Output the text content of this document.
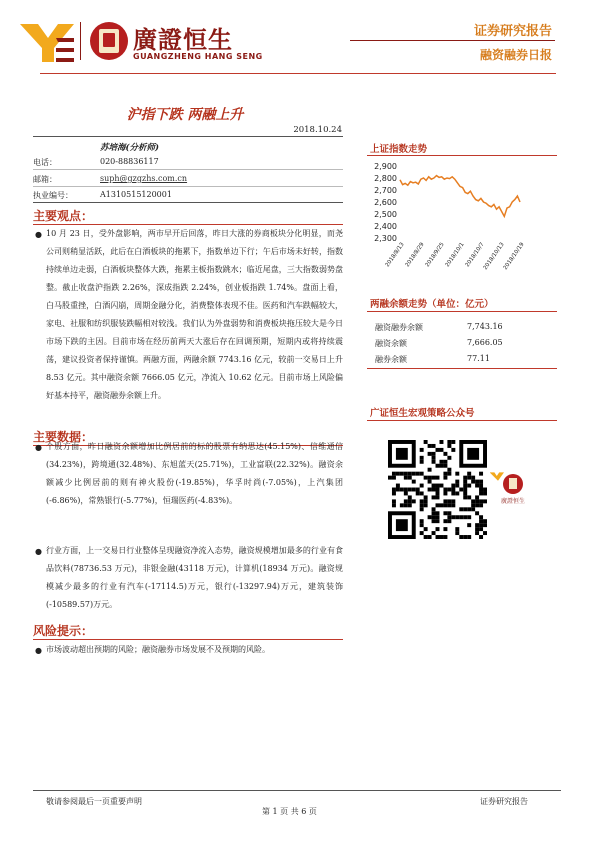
廣證恒生
GUANGZHENG HANG SENG
证券研究报告
融资融券日报
沪指下跌 两融上升
2018.10.24
苏培海(分析师)
电话：	020-88836117
邮箱：	suph@gzgzhs.com.cn
执业编号：	A1310515120001
主要观点：
● 10 月 23 日，受外盘影响，两市早开后回落，昨日大涨的券商板块分化明显，而尧公司则稍显活跃，此后在白酒板块的拖累下，指数单边下行；午后市场未好转，指数持续单边走弱，白酒板块整体大跌，拖累主板指数跳水；临近尾盘，三大指数弱势盘整。截止收盘沪指跌 2.26%，深成指跌 2.24%，创业板指跌 1.74%。盘面上看，白马股重挫，白酒闪崩，周期金融分化，消费整体表现不佳。医药和汽车跌幅较大，家电、社服和纺织服装跌幅相对较浅。我们认为外盘弱势和消费板块拖压较大是今日市场下跌的主因。目前市场在经历前两天大涨后存在回调预期，短期内或将持续震荡，建议投资者保持谨慎。两融方面，两融余额 7743.16 亿元，较前一交易日上升 8.53 亿元。其中融资余额 7666.05 亿元，净流入 10.62 亿元。目前市场上风险偏好基本持平，融资融券余额上升。
主要数据：
● 个股方面，昨日融资余额增加比例居前的标的股票有纳思达(45.15%)、信维通信(34.23%)，跨境通(32.48%)、东旭蓝天(25.71%)，工业富联(22.32%)。融资余额减少比例居前的则有神火股份(-19.85%)，华孚时尚(-7.05%)，上汽集团(-6.86%)，常熟银行(-5.77%)，恒瑞医药(-4.83%)。
● 行业方面，上一交易日行业整体呈现融资净流入态势，融资规模增加最多的行业有食品饮料(78736.53 万元)，非银金融(43118 万元)，计算机(18934 万元)。融资规模减少最多的行业有汽车(-17114.5)万元，银行(-13297.94)万元，建筑装饰(-10589.57)万元。
风险提示：
● 市场波动超出预期的风险；融资融券市场发展不及预期的风险。
上证指数走势
2,900
2,800
2,700
2,600
2,500
2,400
2,300
2018/8/13
2018/8/29
2018/9/25
2018/10/1
2018/10/7
2018/10/13
2018/10/19
两融余额走势（单位：亿元）
融资融券余额	7,743.16
融资余额	7,666.05
融券余额	77.11
广证恒生宏观策略公众号
廣證恒生
敬请参阅最后一页重要声明
第 1 页 共 6 页
证券研究报告
